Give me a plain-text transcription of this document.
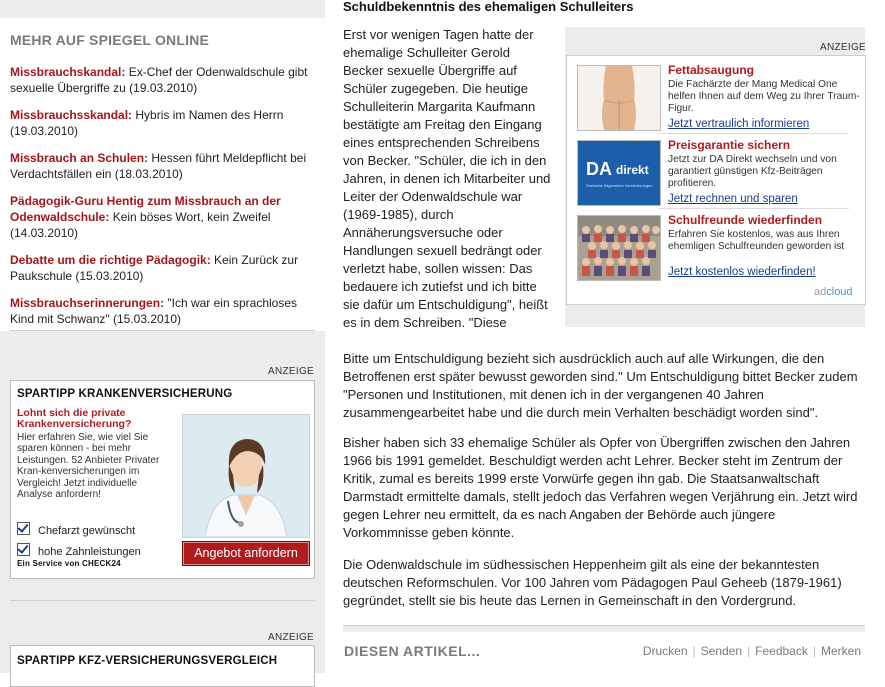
MEHR AUF SPIEGEL ONLINE
Missbrauchskandal: Ex-Chef der Odenwaldschule gibt sexuelle Übergriffe zu (19.03.2010)
Missbrauchsskandal: Hybris im Namen des Herrn (19.03.2010)
Missbrauch an Schulen: Hessen führt Meldepflicht bei Verdachtsfällen ein (18.03.2010)
Pädagogik-Guru Hentig zum Missbrauch an der Odenwaldschule: Kein böses Wort, kein Zweifel (14.03.2010)
Debatte um die richtige Pädagogik: Kein Zurück zur Paukschule (15.03.2010)
Missbrauchserinnerungen: "Ich war ein sprachloses Kind mit Schwanz" (15.03.2010)
ANZEIGE
SPARTIPP KRANKENVERSICHERUNG
Lohnt sich die private Krankenversicherung?
Hier erfahren Sie, wie viel Sie sparen können - bei mehr Leistungen. 52 Anbieter Privater Kran-kenversicherungen im Vergleich! Jetzt individuelle Analyse anfordern!
Chefarzt gewünscht
hohe Zahnleistungen	Angebot anfordern
Ein Service von CHECK24
ANZEIGE
SPARTIPP KFZ-VERSICHERUNGSVERGLEICH
Schuldbekenntnis des ehemaligen Schulleiters
Erst vor wenigen Tagen hatte der ehemalige Schulleiter Gerold Becker sexuelle Übergriffe auf Schüler zugegeben. Die heutige Schulleiterin Margarita Kaufmann bestätigte am Freitag den Eingang eines entsprechenden Schreibens von Becker. "Schüler, die ich in den Jahren, in denen ich Mitarbeiter und Leiter der Odenwaldschule war (1969-1985), durch Annäherungsversuche oder Handlungen sexuell bedrängt oder verletzt habe, sollen wissen: Das bedauere ich zutiefst und ich bitte sie dafür um Entschuldigung", heißt es in dem Schreiben. "Diese
Bitte um Entschuldigung bezieht sich ausdrücklich auch auf alle Wirkungen, die den Betroffenen erst später bewusst geworden sind." Um Entschuldigung bittet Becker zudem "Personen und Institutionen, mit denen ich in der vergangenen 40 Jahren zusammengearbeitet habe und die durch mein Verhalten beschädigt worden sind".
Bisher haben sich 33 ehemalige Schüler als Opfer von Übergriffen zwischen den Jahren 1966 bis 1991 gemeldet. Beschuldigt werden acht Lehrer. Becker steht im Zentrum der Kritik, zumal es bereits 1999 erste Vorwürfe gegen ihn gab. Die Staatsanwaltschaft Darmstadt ermittelte damals, stellt jedoch das Verfahren wegen Verjährung ein. Jetzt wird gegen Lehrer neu ermittelt, da es nach Angaben der Behörde auch jüngere Vorkommnisse geben könnte.
Die Odenwaldschule im südhessischen Heppenheim gilt als eine der bekanntesten deutschen Reformschulen. Vor 100 Jahren vom Pädagogen Paul Geheeb (1879-1961) gegründet, stellt sie bis heute das Lernen in Gemeinschaft in den Vordergrund.
ANZEIGE
Fettabsaugung
Die Fachärzte der Mang Medical One helfen Ihnen auf dem Weg zu Ihrer Traum-Figur.
Jetzt vertraulich informieren
DA direkt
Deutsche Allgemeine Versicherungen
Preisgarantie sichern
Jetzt zur DA Direkt wechseln und von garantiert günstigen Kfz-Beiträgen profitieren.
Jetzt rechnen und sparen
Schulfreunde wiederfinden
Erfahren Sie kostenlos, was aus Ihren ehemligen Schulfreunden geworden ist
Jetzt kostenlos wiederfinden!
adcloud
DIESEN ARTIKEL...	Drucken | Senden | Feedback | Merken
